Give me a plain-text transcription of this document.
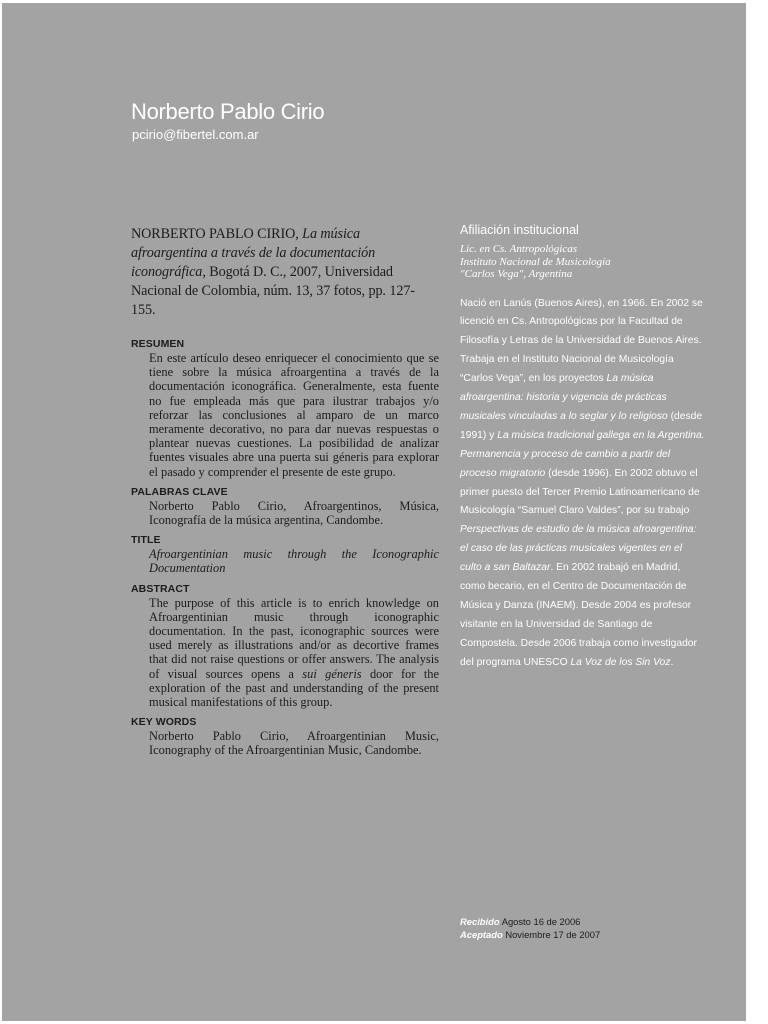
Norberto Pablo Cirio
pcirio@fibertel.com.ar

NORBERTO PABLO CIRIO, La música afroargentina a través de la documentación iconográfica, Bogotá D. C., 2007, Universidad Nacional de Colombia, núm. 13, 37 fotos, pp. 127-155.

RESUMEN

En este artículo deseo enriquecer el conocimiento que se tiene sobre la música afroargentina a través de la documentación iconográfica. Generalmente, esta fuente no fue empleada más que para ilustrar trabajos y/o reforzar las conclusiones al amparo de un marco meramente decorativo, no para dar nuevas respuestas o plantear nuevas cuestiones. La posibilidad de analizar fuentes visuales abre una puerta sui géneris para explorar el pasado y comprender el presente de este grupo.

PALABRAS CLAVE

Norberto Pablo Cirio, Afroargentinos, Música, Iconografía de la música argentina, Candombe.

TITLE

Afroargentinian music through the Iconographic Documentation

ABSTRACT

The purpose of this article is to enrich knowledge on Afroargentinian music through iconographic documentation. In the past, iconographic sources were used merely as illustrations and/or as decortive frames that did not raise questions or offer answers. The analysis of visual sources opens a sui géneris door for the exploration of the past and understanding of the present musical manifestations of this group.

KEY WORDS

Norberto Pablo Cirio, Afroargentinian Music, Iconography of the Afroargentinian Music, Candombe.

Afiliación institucional

Lic. en Cs. Antropológicas
Instituto Nacional de Musicología
"Carlos Vega", Argentina

Nació en Lanús (Buenos Aires), en 1966. En 2002 se licenció en Cs. Antropológicas por la Facultad de Filosofía y Letras de la Universidad de Buenos Aires. Trabaja en el Instituto Nacional de Musicología “Carlos Vega”, en los proyectos La música afroargentina: historia y vigencia de prácticas musicales vinculadas a lo seglar y lo religioso (desde 1991) y La música tradicional gallega en la Argentina. Permanencia y proceso de cambio a partir del proceso migratorio (desde 1996). En 2002 obtuvo el primer puesto del Tercer Premio Latinoamericano de Musicología “Samuel Claro Valdes”, por su trabajo Perspectivas de estudio de la música afroargentina: el caso de las prácticas musicales vigentes en el culto a san Baltazar. En 2002 trabajó en Madrid, como becario, en el Centro de Documentación de Música y Danza (INAEM). Desde 2004 es profesor visitante en la Universidad de Santiago de Compostela. Desde 2006 trabaja como investigador del programa UNESCO La Voz de los Sin Voz.

Recibido Agosto 16 de 2006
Aceptado Noviembre 17 de 2007
